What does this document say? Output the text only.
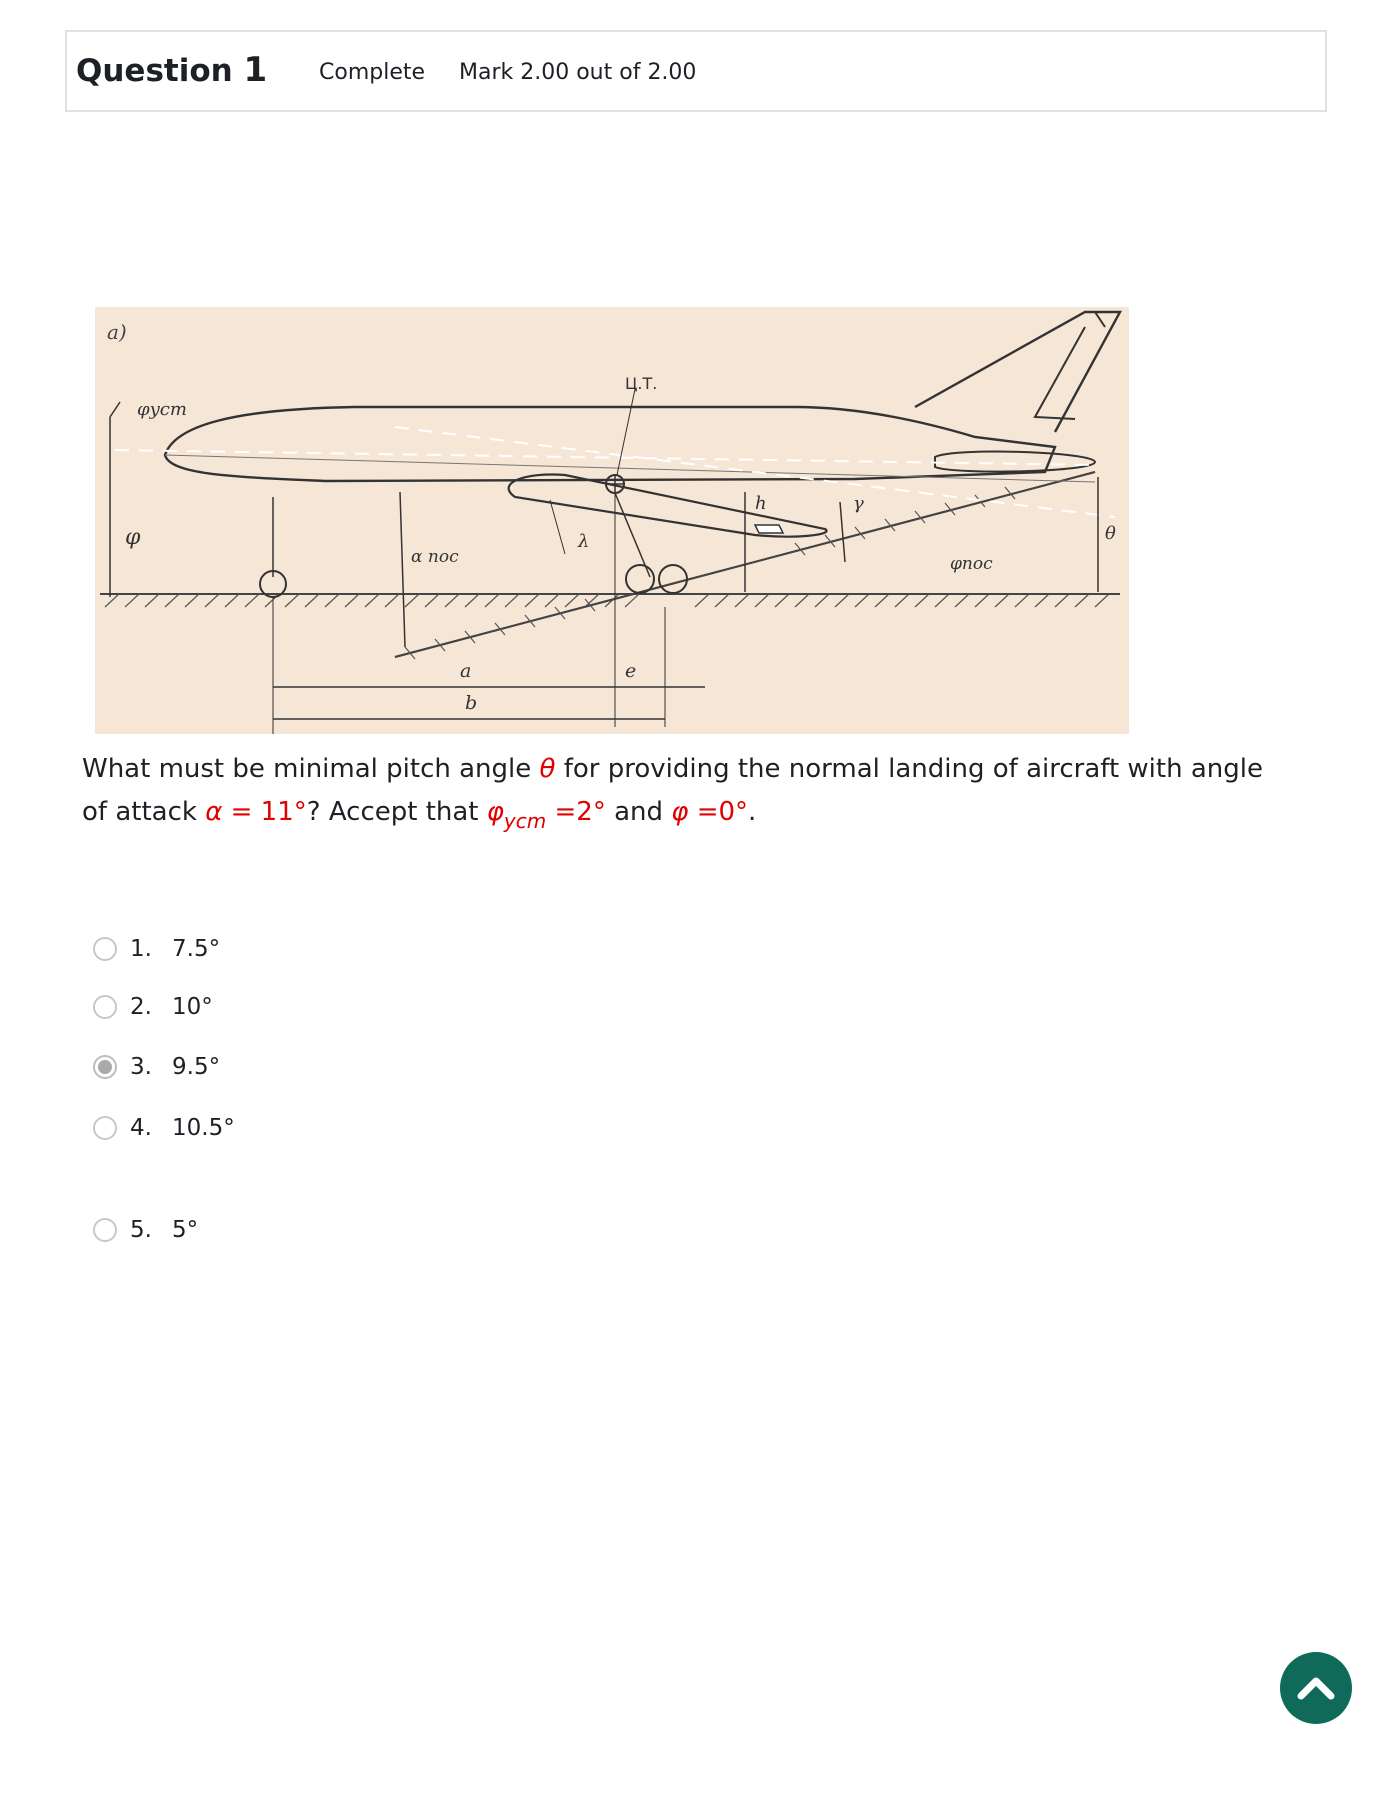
Question 1 Complete Mark 2.00 out of 2.00
a)
φycm
φ
α пос
Ц.Т.
λ
h	γ
θ
φпос
a
b
e
What must be minimal pitch angle θ for providing the normal landing of aircraft with angle of attack α = 11°? Accept that $\varphi_{ycm} =2^\circ$ and φ =0°.
1. 7.5°
2. 10°
3. 9.5°
4. 10.5°
5. 5°
